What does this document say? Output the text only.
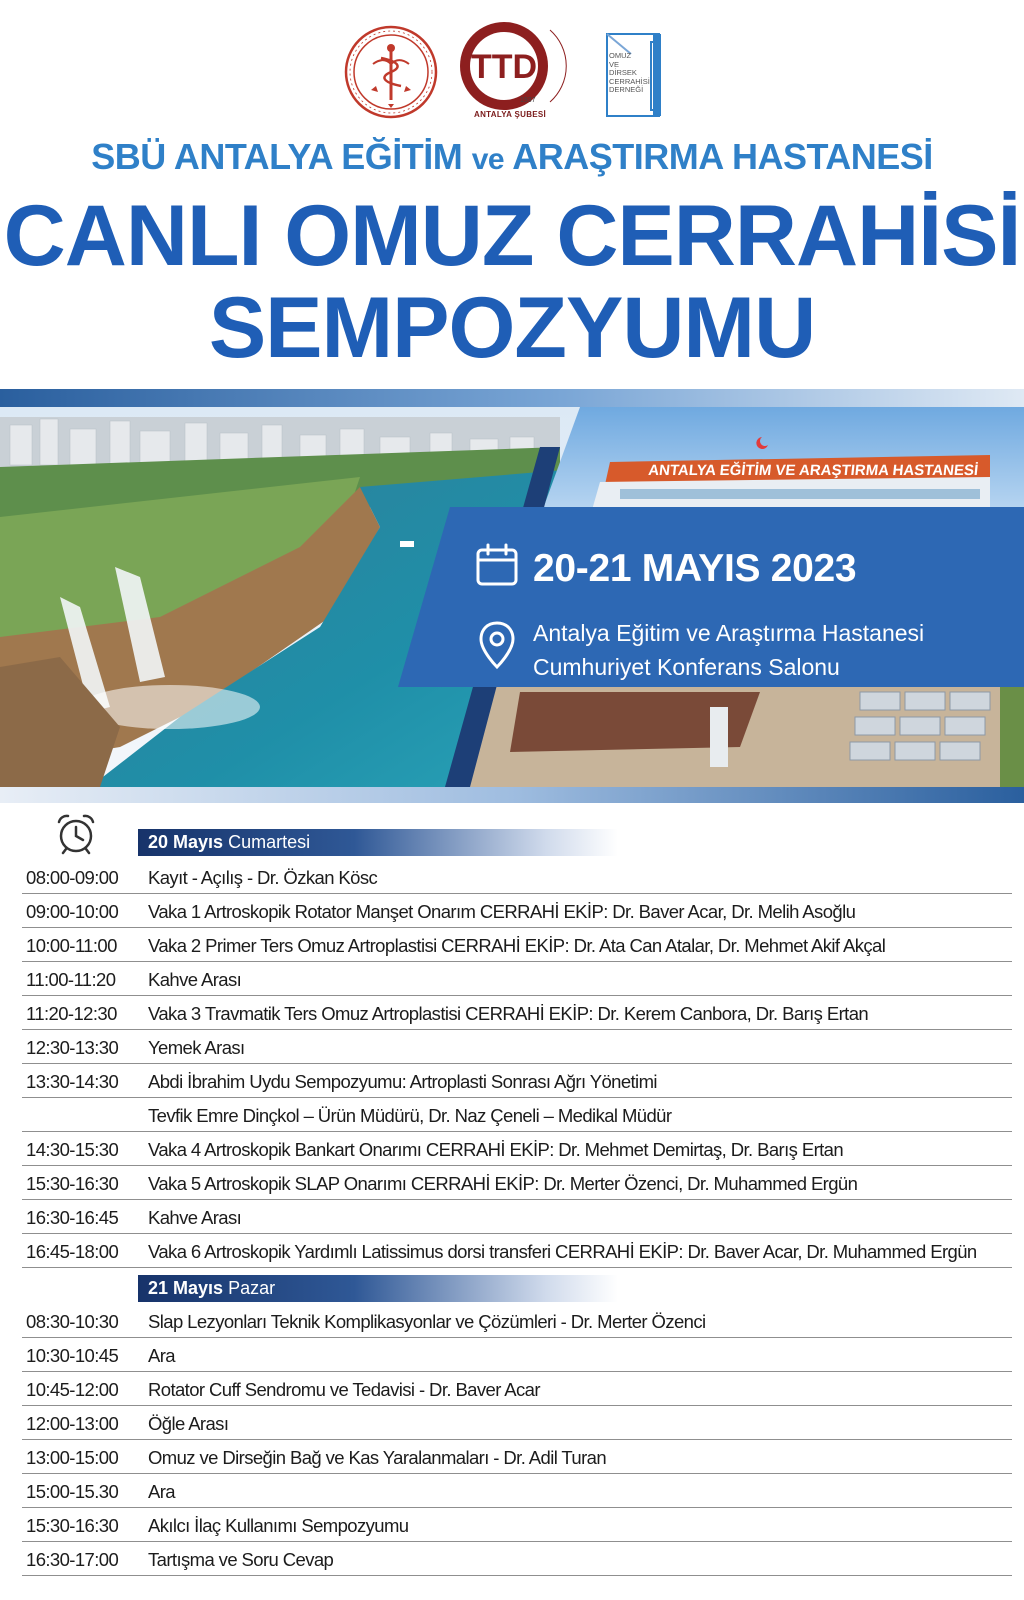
TTD
1937
ANTALYA ŞUBESİ
OMUZ
VE
DİRSEK
CERRAHİSİ
DERNEĞİ
SBÜ ANTALYA EĞİTİM ve ARAŞTIRMA HASTANESİ
CANLI OMUZ CERRAHİSİ
SEMPOZYUMU
ANTALYA EĞİTİM VE ARAŞTIRMA HASTANESİ
20-21 MAYIS 2023
Antalya Eğitim ve Araştırma Hastanesi
Cumhuriyet Konferans Salonu
20 Mayıs Cumartesi
08:00-09:00	Kayıt - Açılış - Dr. Özkan Kösc
09:00-10:00	Vaka 1 Artroskopik Rotator Manşet Onarım CERRAHİ EKİP: Dr. Baver Acar, Dr. Melih Asoğlu
10:00-11:00	Vaka 2 Primer Ters Omuz Artroplastisi CERRAHİ EKİP: Dr. Ata Can Atalar, Dr. Mehmet Akif Akçal
11:00-11:20	Kahve Arası
11:20-12:30	Vaka 3 Travmatik Ters Omuz Artroplastisi CERRAHİ EKİP: Dr. Kerem Canbora, Dr. Barış Ertan
12:30-13:30	Yemek Arası
13:30-14:30	Abdi İbrahim Uydu Sempozyumu: Artroplasti Sonrası Ağrı Yönetimi
Tevfik Emre Dinçkol – Ürün Müdürü, Dr. Naz Çeneli – Medikal Müdür
14:30-15:30	Vaka 4 Artroskopik Bankart Onarımı CERRAHİ EKİP: Dr. Mehmet Demirtaş, Dr. Barış Ertan
15:30-16:30	Vaka 5 Artroskopik SLAP Onarımı CERRAHİ EKİP: Dr. Merter Özenci, Dr. Muhammed Ergün
16:30-16:45	Kahve Arası
16:45-18:00	Vaka 6 Artroskopik Yardımlı Latissimus dorsi transferi CERRAHİ EKİP: Dr. Baver Acar, Dr. Muhammed Ergün
21 Mayıs Pazar
08:30-10:30	Slap Lezyonları Teknik Komplikasyonlar ve Çözümleri - Dr. Merter Özenci
10:30-10:45	Ara
10:45-12:00	Rotator Cuff Sendromu ve Tedavisi - Dr. Baver Acar
12:00-13:00	Öğle Arası
13:00-15:00	Omuz ve Dirseğin Bağ ve Kas Yaralanmaları - Dr. Adil Turan
15:00-15.30	Ara
15:30-16:30	Akılcı İlaç Kullanımı Sempozyumu
16:30-17:00	Tartışma ve Soru Cevap
